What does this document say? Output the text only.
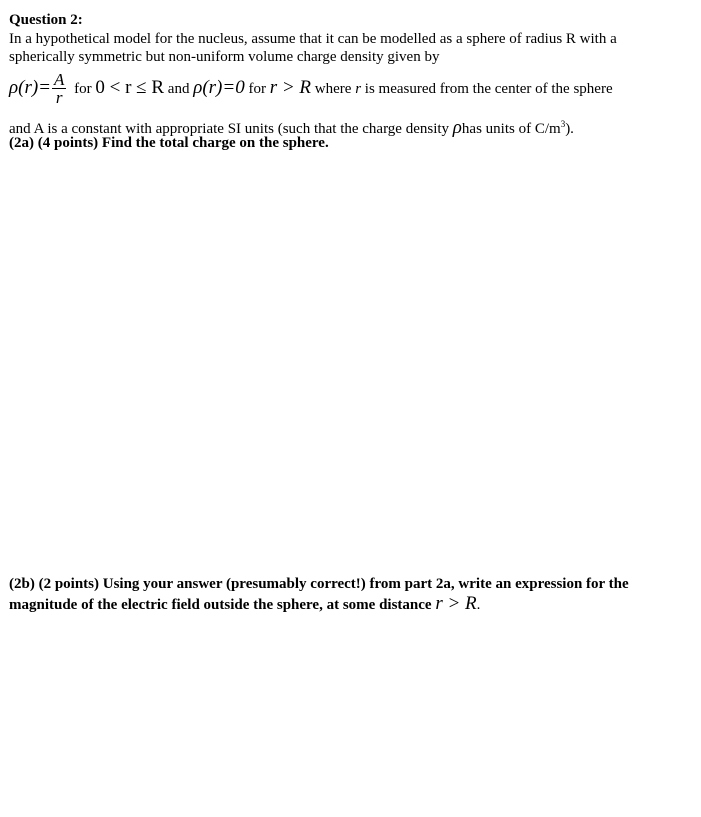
Question 2:
In a hypothetical model for the nucleus, assume that it can be modelled as a sphere of radius R with a
spherically symmetric but non-uniform volume charge density given by
$\rho(r)= \frac{A}{r}$ for 0 < r ≤ R and ρ(r)=0 for r > R where r is measured from the center of the sphere
and A is a constant with appropriate SI units (such that the charge density ρhas units of $C/m^3$).
(2a) (4 points) Find the total charge on the sphere.
(2b) (2 points) Using your answer (presumably correct!) from part 2a, write an expression for the
magnitude of the electric field outside the sphere, at some distance r > R.
